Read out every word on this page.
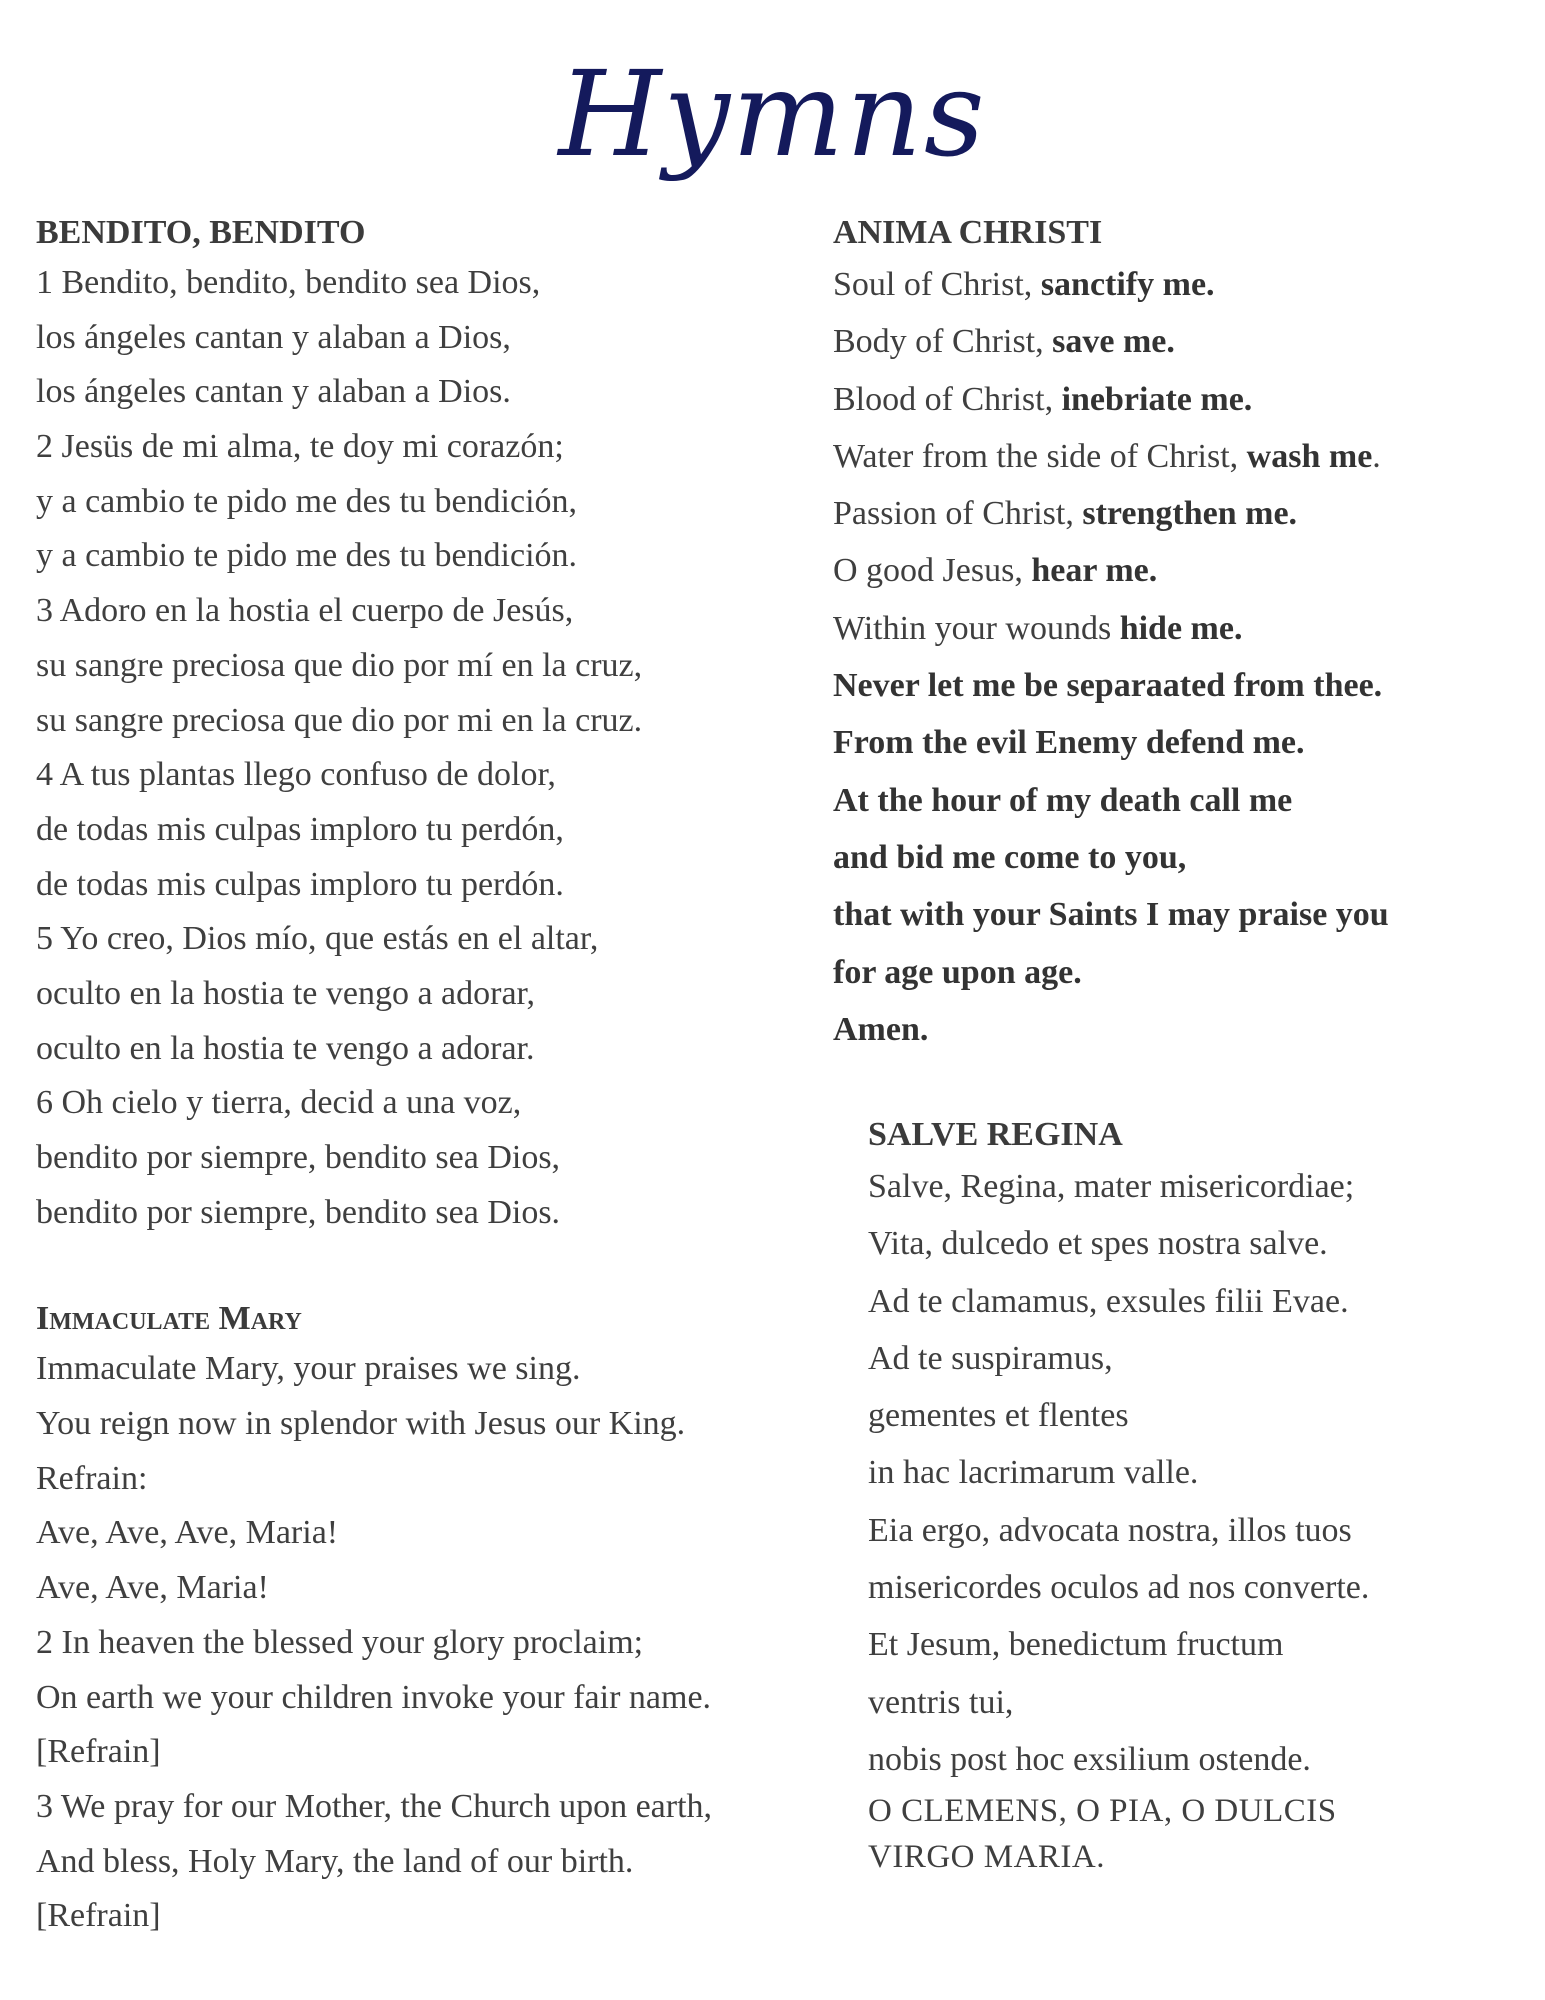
Hymns
BENDITO, BENDITO
1 Bendito, bendito, bendito sea Dios,
los ángeles cantan y alaban a Dios,
los ángeles cantan y alaban a Dios.
2 Jesüs de mi alma, te doy mi corazón;
y a cambio te pido me des tu bendición,
y a cambio te pido me des tu bendición.
3 Adoro en la hostia el cuerpo de Jesús,
su sangre preciosa que dio por mí en la cruz,
su sangre preciosa que dio por mi en la cruz.
4 A tus plantas llego confuso de dolor,
de todas mis culpas imploro tu perdón,
de todas mis culpas imploro tu perdón.
5 Yo creo, Dios mío, que estás en el altar,
oculto en la hostia te vengo a adorar,
oculto en la hostia te vengo a adorar.
6 Oh cielo y tierra, decid a una voz,
bendito por siempre, bendito sea Dios,
bendito por siempre, bendito sea Dios.
Immaculate Mary
Immaculate Mary, your praises we sing.
You reign now in splendor with Jesus our King.
Refrain:
Ave, Ave, Ave, Maria!
Ave, Ave, Maria!
2 In heaven the blessed your glory proclaim;
On earth we your children invoke your fair name.
[Refrain]
3 We pray for our Mother, the Church upon earth,
And bless, Holy Mary, the land of our birth.
[Refrain]
ANIMA CHRISTI
Soul of Christ, sanctify me.
Body of Christ, save me.
Blood of Christ, inebriate me.
Water from the side of Christ, wash me.
Passion of Christ, strengthen me.
O good Jesus, hear me.
Within your wounds hide me.
Never let me be separaated from thee.
From the evil Enemy defend me.
At the hour of my death call me
and bid me come to you,
that with your Saints I may praise you
for age upon age.
Amen.
SALVE REGINA
Salve, Regina, mater misericordiae;
Vita, dulcedo et spes nostra salve.
Ad te clamamus, exsules filii Evae.
Ad te suspiramus,
gementes et flentes
in hac lacrimarum valle.
Eia ergo, advocata nostra, illos tuos
misericordes oculos ad nos converte.
Et Jesum, benedictum fructum
ventris tui,
nobis post hoc exsilium ostende.
O CLEMENS, O PIA, O DULCIS
VIRGO MARIA.
